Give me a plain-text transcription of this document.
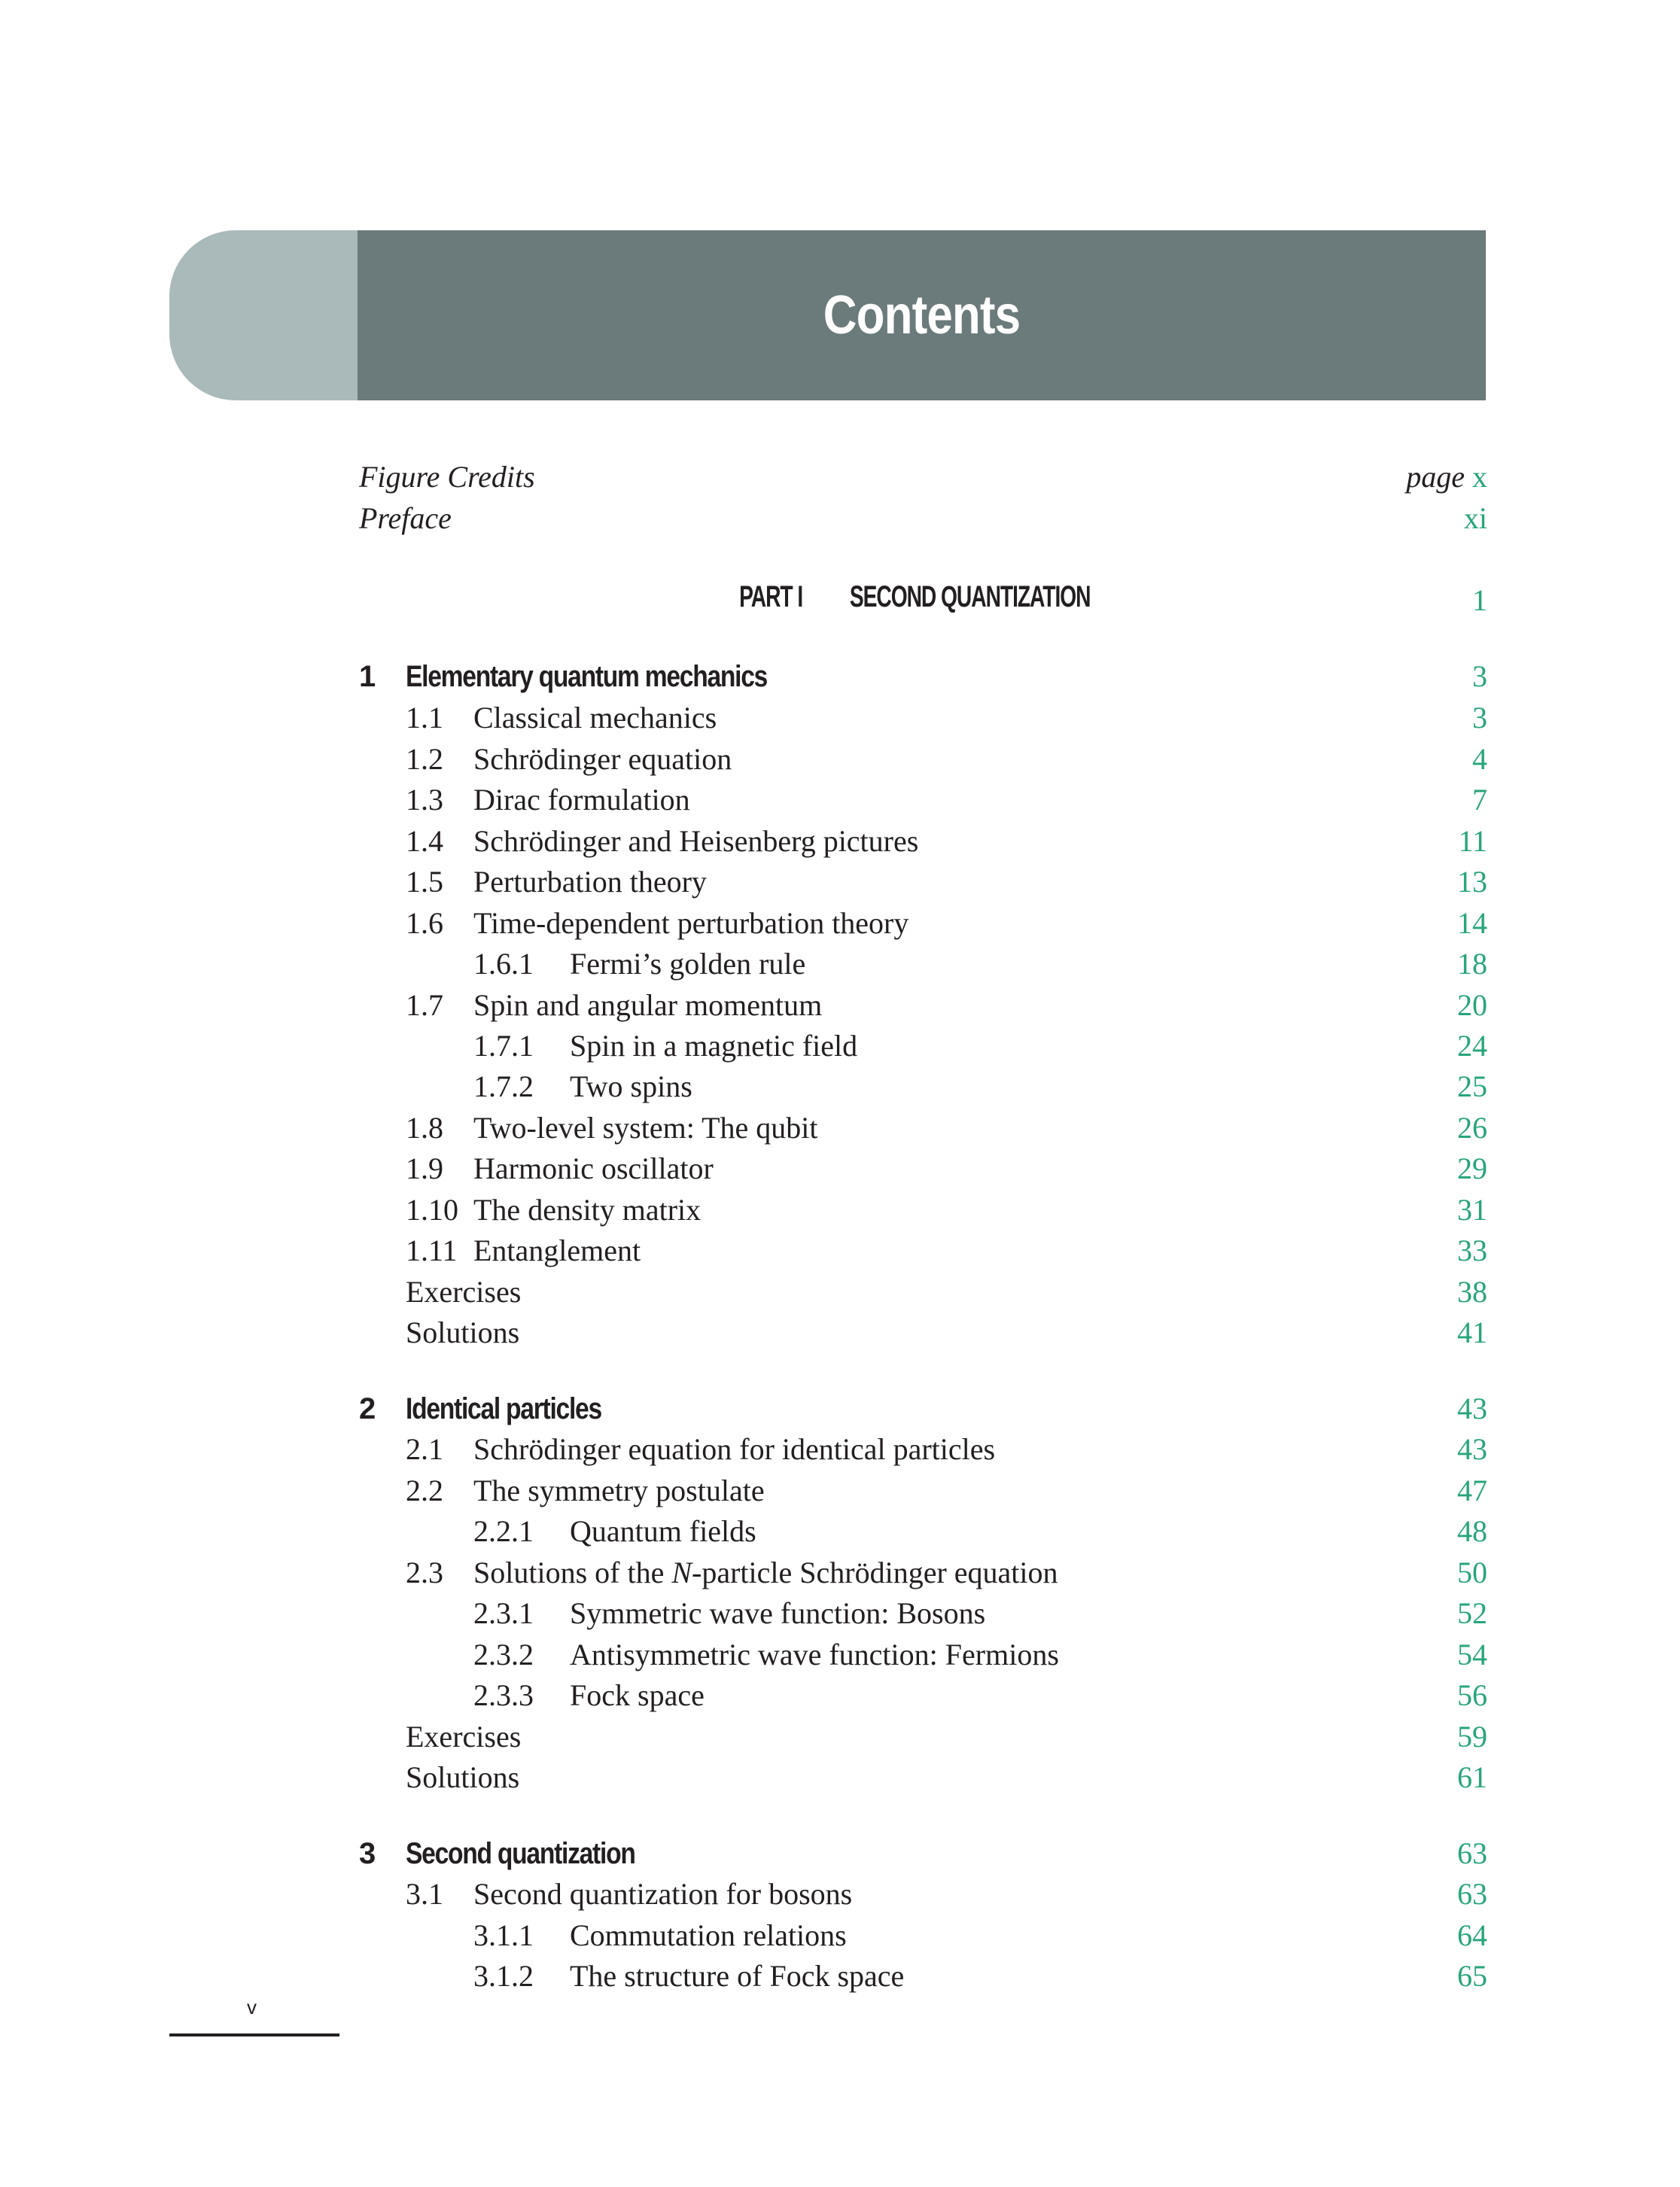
Contents
Figure Credits	page x
Preface	xi
PART I SECOND QUANTIZATION	1
1 Elementary quantum mechanics	3
1.1 Classical mechanics	3
1.2 Schrödinger equation	4
1.3 Dirac formulation	7
1.4 Schrödinger and Heisenberg pictures	11
1.5 Perturbation theory	13
1.6 Time-dependent perturbation theory	14
1.6.1 Fermi’s golden rule	18
1.7 Spin and angular momentum	20
1.7.1 Spin in a magnetic field	24
1.7.2 Two spins	25
1.8 Two-level system: The qubit	26
1.9 Harmonic oscillator	29
1.10 The density matrix	31
1.11 Entanglement	33
Exercises	38
Solutions	41
2 Identical particles	43
2.1 Schrödinger equation for identical particles	43
2.2 The symmetry postulate	47
2.2.1 Quantum fields	48
2.3 Solutions of the N-particle Schrödinger equation	50
2.3.1 Symmetric wave function: Bosons	52
2.3.2 Antisymmetric wave function: Fermions	54
2.3.3 Fock space	56
Exercises	59
Solutions	61
3 Second quantization	63
3.1 Second quantization for bosons	63
3.1.1 Commutation relations	64
3.1.2 The structure of Fock space	65
v
